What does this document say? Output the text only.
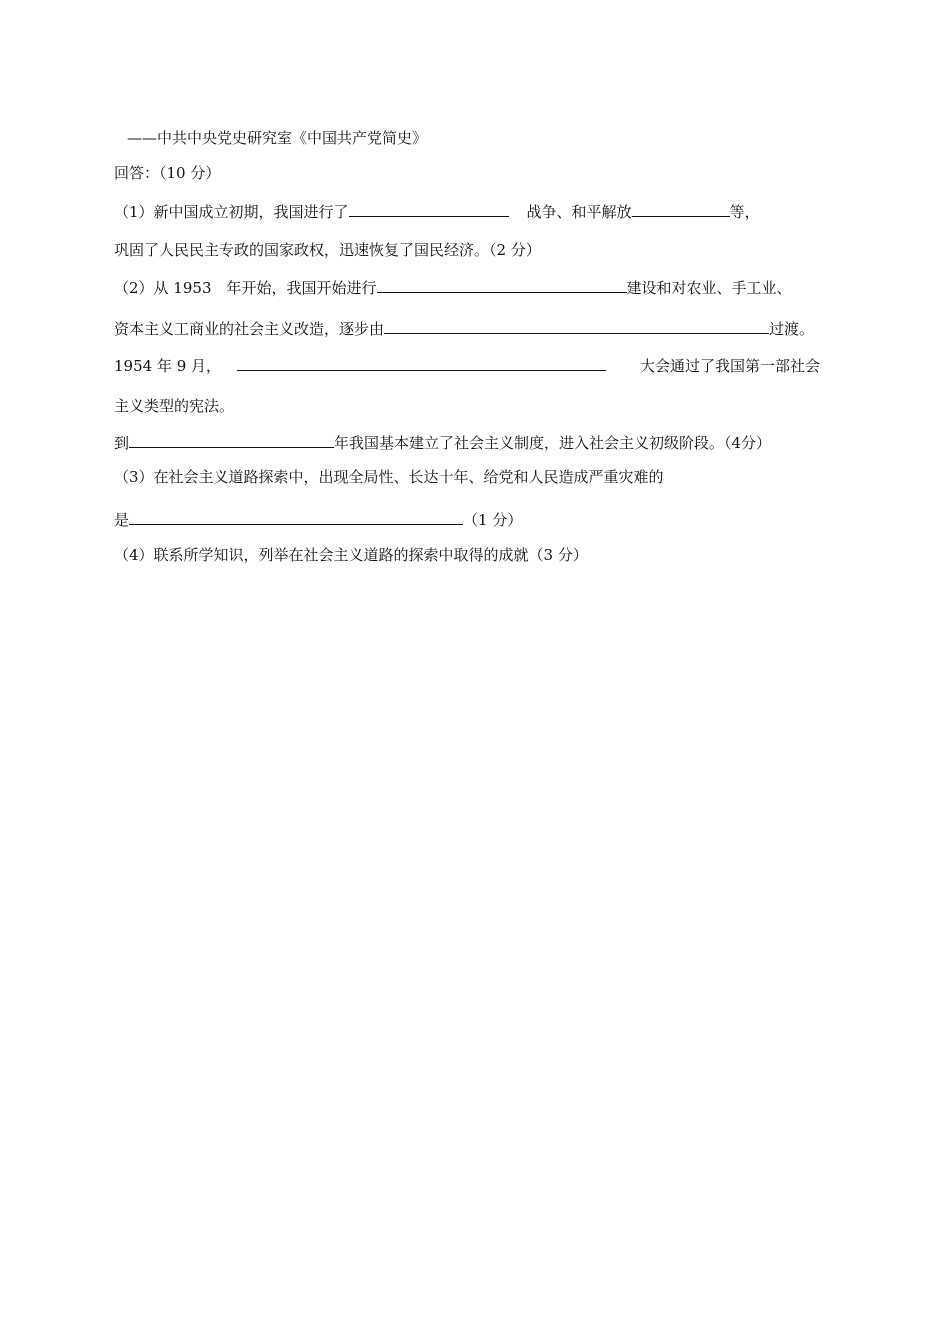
——中共中央党史研究室《中国共产党简史》
回答：（10 分）
（1）新中国成立初期，我国进行了	战争、和平解放	等，
巩固了人民民主专政的国家政权，迅速恢复了国民经济。（2 分）
（2）从 1953　年开始，我国开始进行	建设和对农业、手工业、
资本主义工商业的社会主义改造，逐步由	过渡。
1954 年 9 月，	大会通过了我国第一部社会
主义类型的宪法。
到	年我国基本建立了社会主义制度，进入社会主义初级阶段。（4分）
（3）在社会主义道路探索中，出现全局性、长达十年、给党和人民造成严重灾难的
是	（1 分）
（4）联系所学知识，列举在社会主义道路的探索中取得的成就（3 分）
